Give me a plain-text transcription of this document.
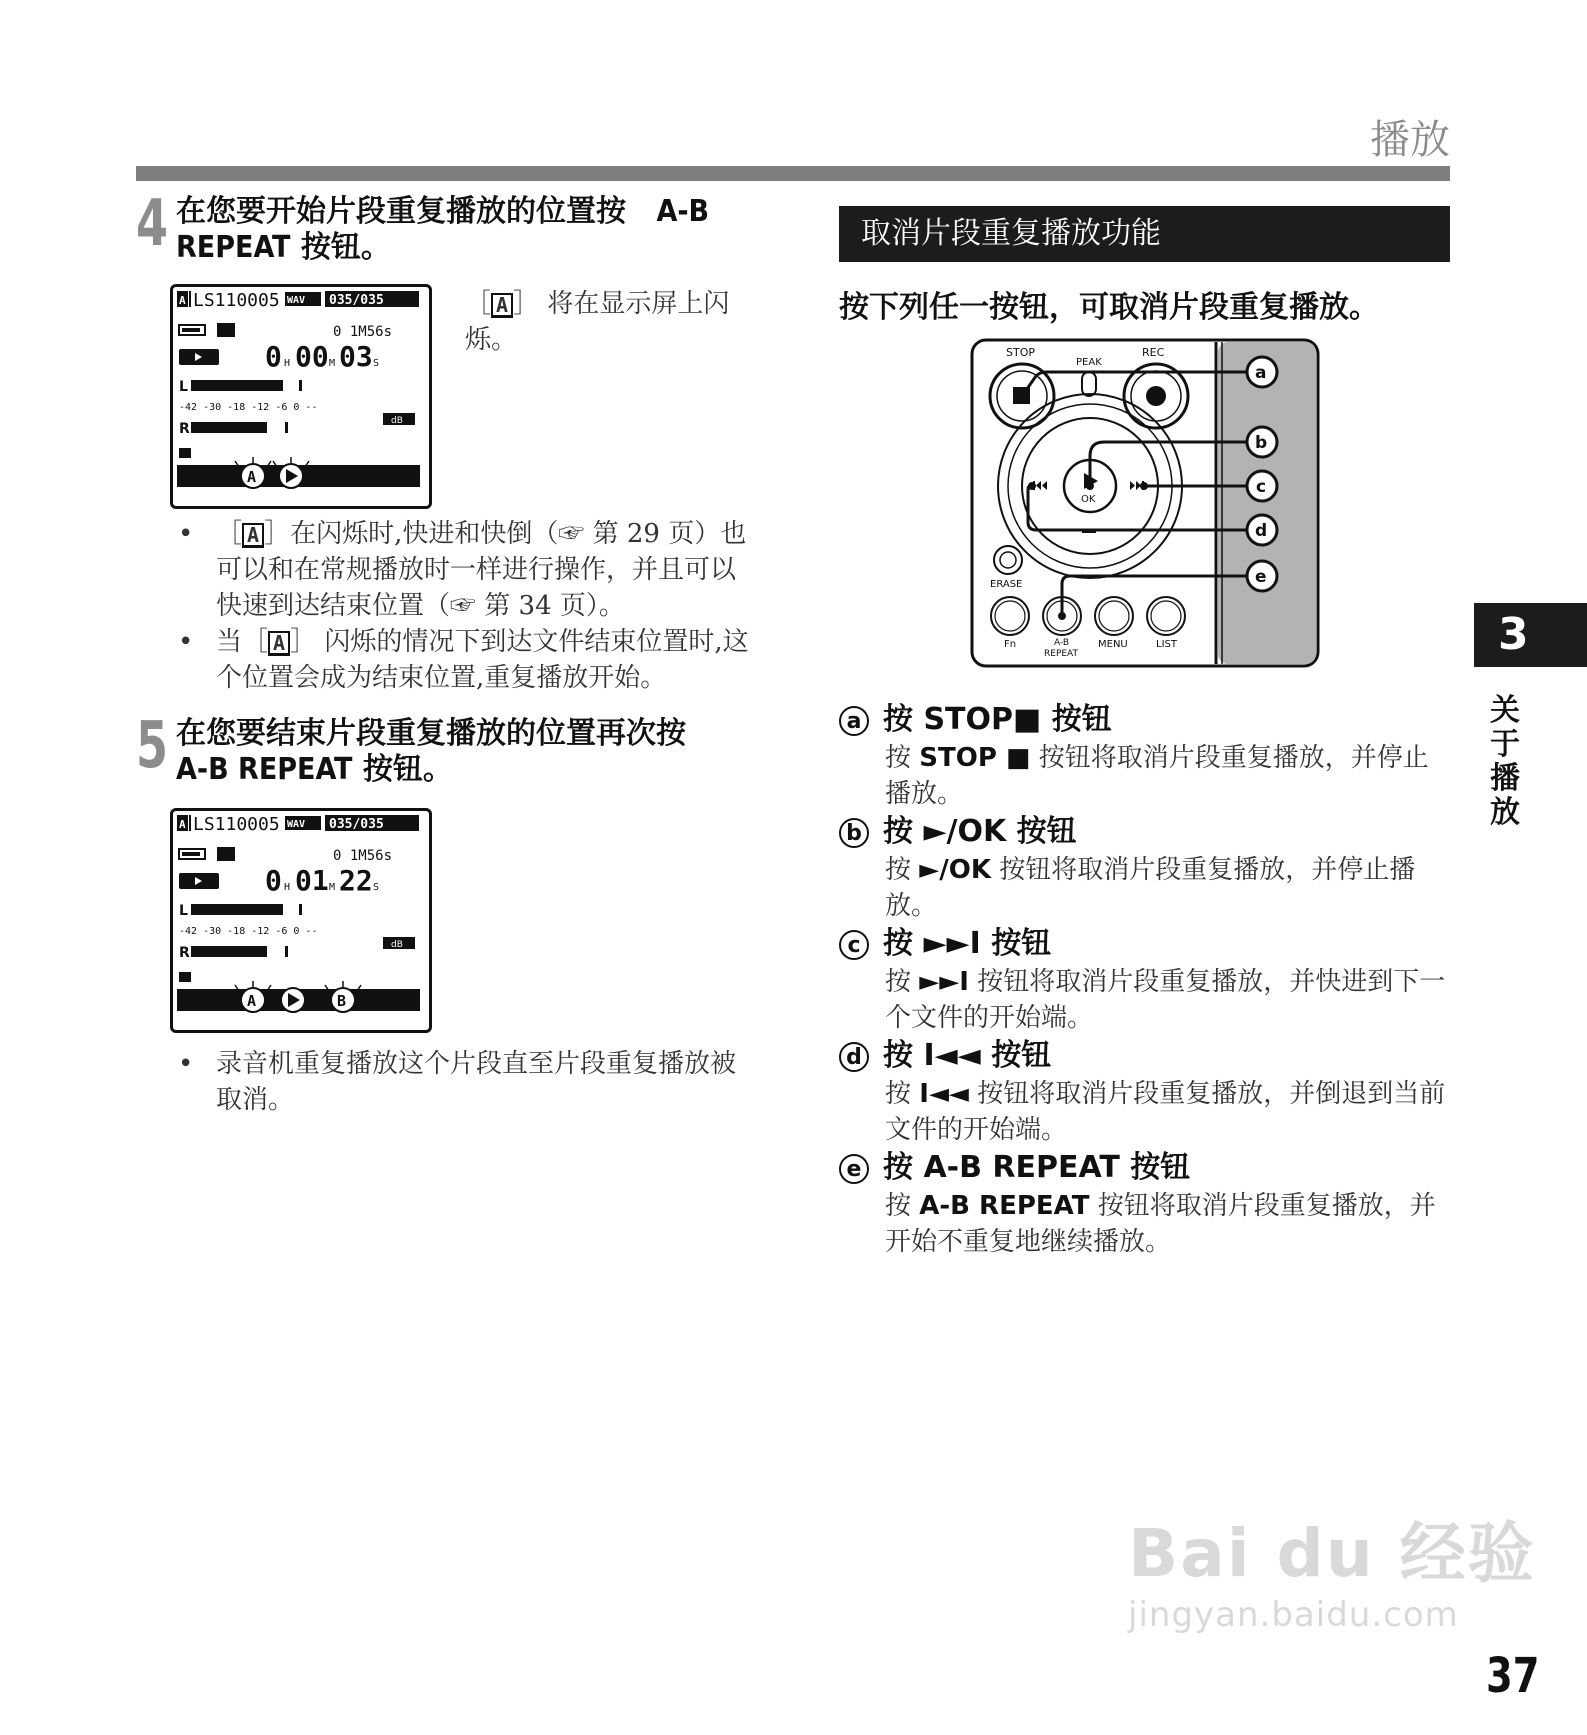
播放
4 在您要开始片段重复播放的位置按 A-B
REPEAT 按钮。
A LS110005 WAV 035/035
0 1M56s
0 H 00 M 03 S
L
-42 -30 -18 -12 -6 0 --
dB
R
A
［ A ］ 将在显示屏上闪烁。
• ［ A ］在闪烁时,快进和快倒（☞ 第 29 页）也可以和在常规播放时一样进行操作，并且可以快速到达结束位置（☞ 第 34 页）。
• 当［ A ］ 闪烁的情况下到达文件结束位置时,这个位置会成为结束位置,重复播放开始。
5 在您要结束片段重复播放的位置再次按
A-B REPEAT 按钮。
A LS110005 WAV 035/035
0 1M56s
0 H 01 M 22 S
L
-42 -30 -18 -12 -6 0 --
dB
R
A	B
• 录音机重复播放这个片段直至片段重复播放被取消。
取消片段重复播放功能
按下列任一按钮，可取消片段重复播放。
STOP
PEAK
REC
OK
ERASE
Fn	A-B
REPEAT
MENU	LIST
a
b
c
d
e
a 按 STOP■ 按钮
按 STOP ■ 按钮将取消片段重复播放，并停止播放。
b 按 ►/OK 按钮
按 ►/OK 按钮将取消片段重复播放，并停止播放。
c 按 ►►I 按钮
按 ►►I 按钮将取消片段重复播放，并快进到下一个文件的开始端。
d 按 I◄◄ 按钮
按 I◄◄ 按钮将取消片段重复播放，并倒退到当前文件的开始端。
e 按 A-B REPEAT 按钮
按 A-B REPEAT 按钮将取消片段重复播放，并开始不重复地继续播放。
3
关于播放
Bai du 经验
jingyan.baidu.com
37
